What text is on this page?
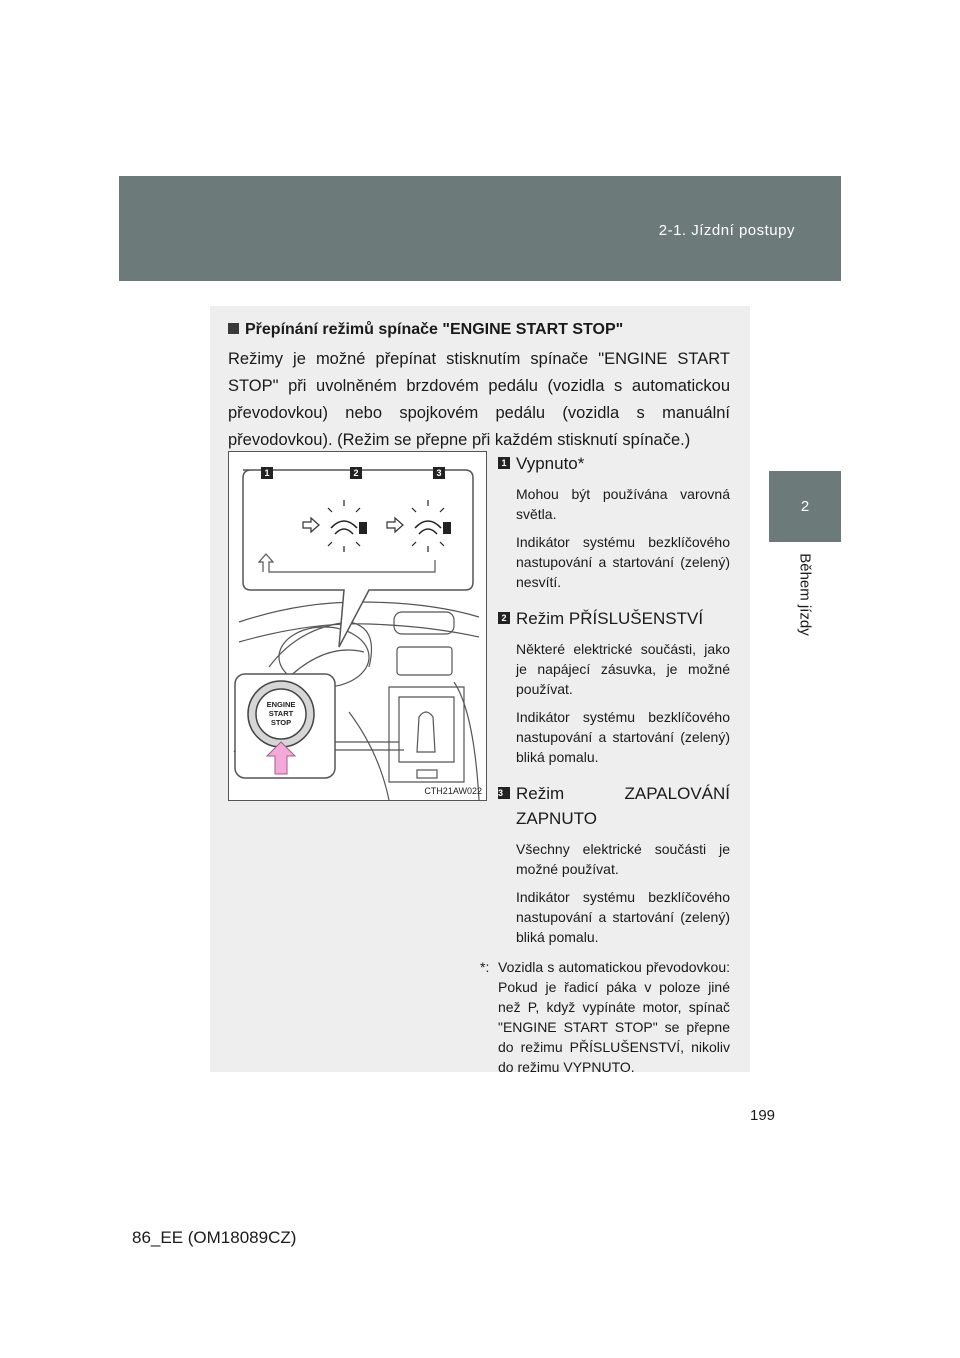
2-1. Jízdní postupy
2
Během jízdy
Přepínání režimů spínače "ENGINE START STOP"
Režimy je možné přepínat stisknutím spínače "ENGINE START STOP" při uvolněném brzdovém pedálu (vozidla s automatickou převodovkou) nebo spojkovém pedálu (vozidla s manuální převodovkou). (Režim se přepne při každém stisknutí spínače.)
ENGINE
START
STOP
1	2	3
CTH21AW022
1 Vypnuto*
Mohou být používána varovná světla.
Indikátor systému bezklíčového nastupování a startování (zelený) nesvítí.
2 Režim PŘÍSLUŠENSTVÍ
Některé elektrické součásti, jako je napájecí zásuvka, je možné používat.
Indikátor systému bezklíčového nastupování a startování (zelený) bliká pomalu.
3 Režim ZAPALOVÁNÍ ZAPNUTO
Všechny elektrické součásti je možné používat.
Indikátor systému bezklíčového nastupování a startování (zelený) bliká pomalu.
*: Vozidla s automatickou převodovkou: Pokud je řadicí páka v poloze jiné než P, když vypínáte motor, spínač "ENGINE START STOP" se přepne do režimu PŘÍSLUŠENSTVÍ, nikoliv do režimu VYPNUTO.
199
86_EE (OM18089CZ)
